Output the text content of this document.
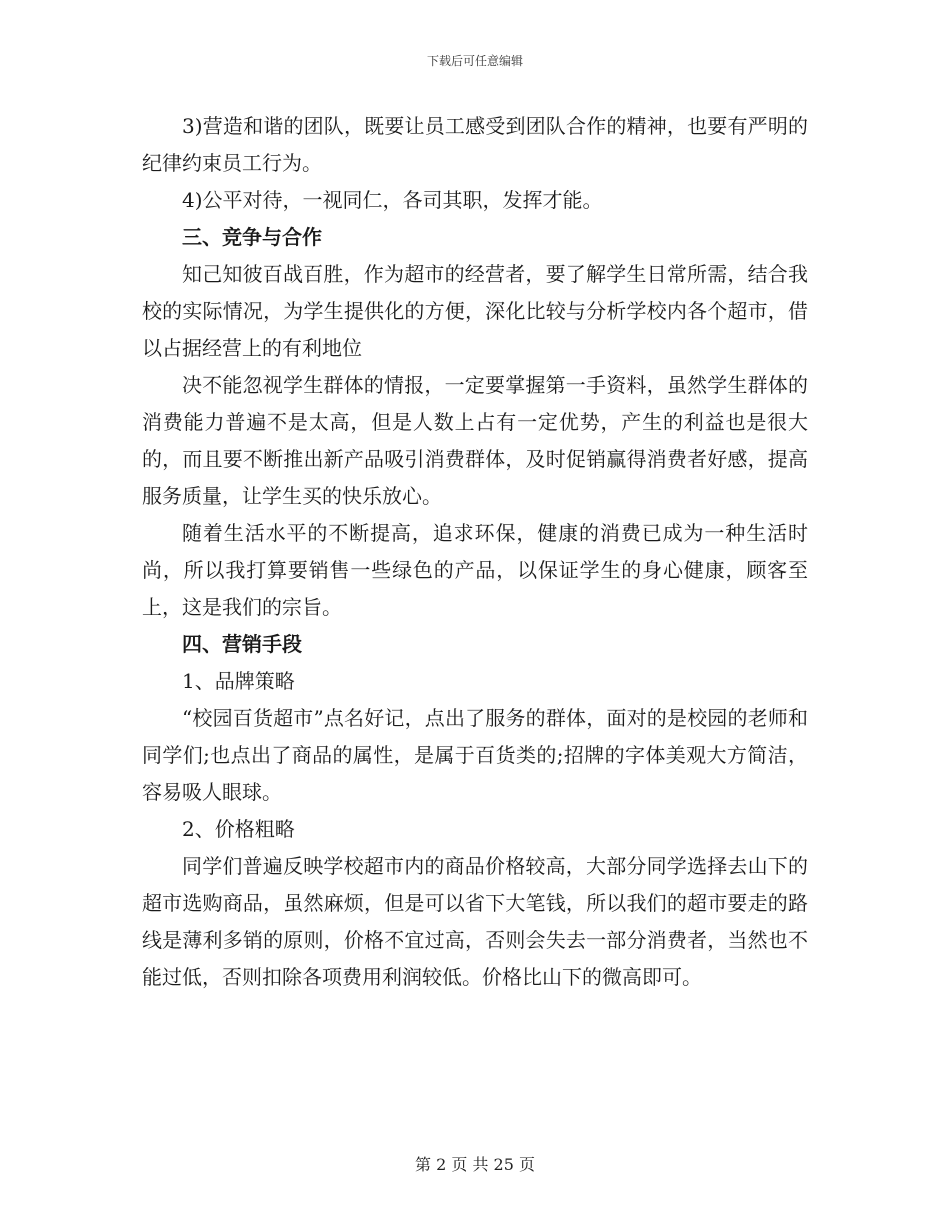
下载后可任意编辑

3)营造和谐的团队，既要让员工感受到团队合作的精神，也要有严明的纪律约束员工行为。

4)公平对待，一视同仁，各司其职，发挥才能。

三、竞争与合作

知己知彼百战百胜，作为超市的经营者，要了解学生日常所需，结合我校的实际情况，为学生提供化的方便，深化比较与分析学校内各个超市，借以占据经营上的有利地位

决不能忽视学生群体的情报，一定要掌握第一手资料，虽然学生群体的消费能力普遍不是太高，但是人数上占有一定优势，产生的利益也是很大的，而且要不断推出新产品吸引消费群体，及时促销赢得消费者好感，提高服务质量，让学生买的快乐放心。

随着生活水平的不断提高，追求环保，健康的消费已成为一种生活时尚，所以我打算要销售一些绿色的产品，以保证学生的身心健康，顾客至上，这是我们的宗旨。

四、营销手段

1、品牌策略

“校园百货超市”点名好记，点出了服务的群体，面对的是校园的老师和同学们;也点出了商品的属性，是属于百货类的;招牌的字体美观大方简洁，容易吸人眼球。

2、价格粗略

同学们普遍反映学校超市内的商品价格较高，大部分同学选择去山下的超市选购商品，虽然麻烦，但是可以省下大笔钱，所以我们的超市要走的路线是薄利多销的原则，价格不宜过高，否则会失去一部分消费者，当然也不能过低，否则扣除各项费用利润较低。价格比山下的微高即可。

第 2 页 共 25 页
